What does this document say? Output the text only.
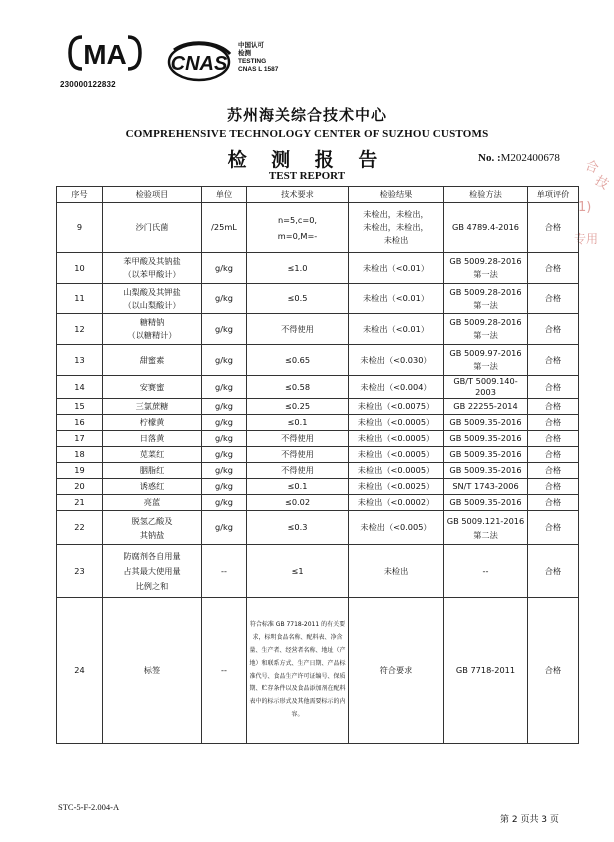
MA
230000122832
CNAS
中国认可
检测
TESTING
CNAS L 1587
苏州海关综合技术中心
COMPREHENSIVE TECHNOLOGY CENTER OF SUZHOU CUSTOMS
检 测 报 告
TEST REPORT
No. :M202400678
合
技
1)
专用
序号	检验项目	单位	技术要求	检验结果	检验方法	单项评价
9	沙门氏菌	/25mL	n=5,c=0,
m=0,M=-	未检出，未检出，
未检出，未检出，
未检出	GB 4789.4-2016	合格
10	苯甲酸及其钠盐
（以苯甲酸计）	g/kg	≤1.0	未检出（<0.01）	GB 5009.28-2016
第一法	合格
11	山梨酸及其钾盐
（以山梨酸计）	g/kg	≤0.5	未检出（<0.01）	GB 5009.28-2016
第一法	合格
12	糖精钠
（以糖精计）	g/kg	不得使用	未检出（<0.01）	GB 5009.28-2016
第一法	合格
13	甜蜜素	g/kg	≤0.65	未检出（<0.030）	GB 5009.97-2016
第一法	合格
14	安赛蜜	g/kg	≤0.58	未检出（<0.004）	GB/T 5009.140-2003	合格
15	三氯蔗糖	g/kg	≤0.25	未检出（<0.0075）	GB 22255-2014	合格
16	柠檬黄	g/kg	≤0.1	未检出（<0.0005）	GB 5009.35-2016	合格
17	日落黄	g/kg	不得使用	未检出（<0.0005）	GB 5009.35-2016	合格
18	苋菜红	g/kg	不得使用	未检出（<0.0005）	GB 5009.35-2016	合格
19	胭脂红	g/kg	不得使用	未检出（<0.0005）	GB 5009.35-2016	合格
20	诱惑红	g/kg	≤0.1	未检出（<0.0025）	SN/T 1743-2006	合格
21	亮蓝	g/kg	≤0.02	未检出（<0.0002）	GB 5009.35-2016	合格
22	脱氢乙酸及
其钠盐	g/kg	≤0.3	未检出（<0.005）	GB 5009.121-2016
第二法	合格
23	防腐剂各自用量
占其最大使用量
比例之和	--	≤1	未检出	--	合格
24	标签	--	符合标准 GB 7718-2011 的有关要求，标明食品名称、配料表、净含量、生产者、经营者名称、地址（产地）和联系方式、生产日期、产品标准代号、食品生产许可证编号、保质期、贮存条件以及食品添加剂在配料表中的标示形式及其他需要标示的内容。	符合要求	GB 7718-2011	合格
STC-5-F-2.004-A
第 2 页共 3 页
